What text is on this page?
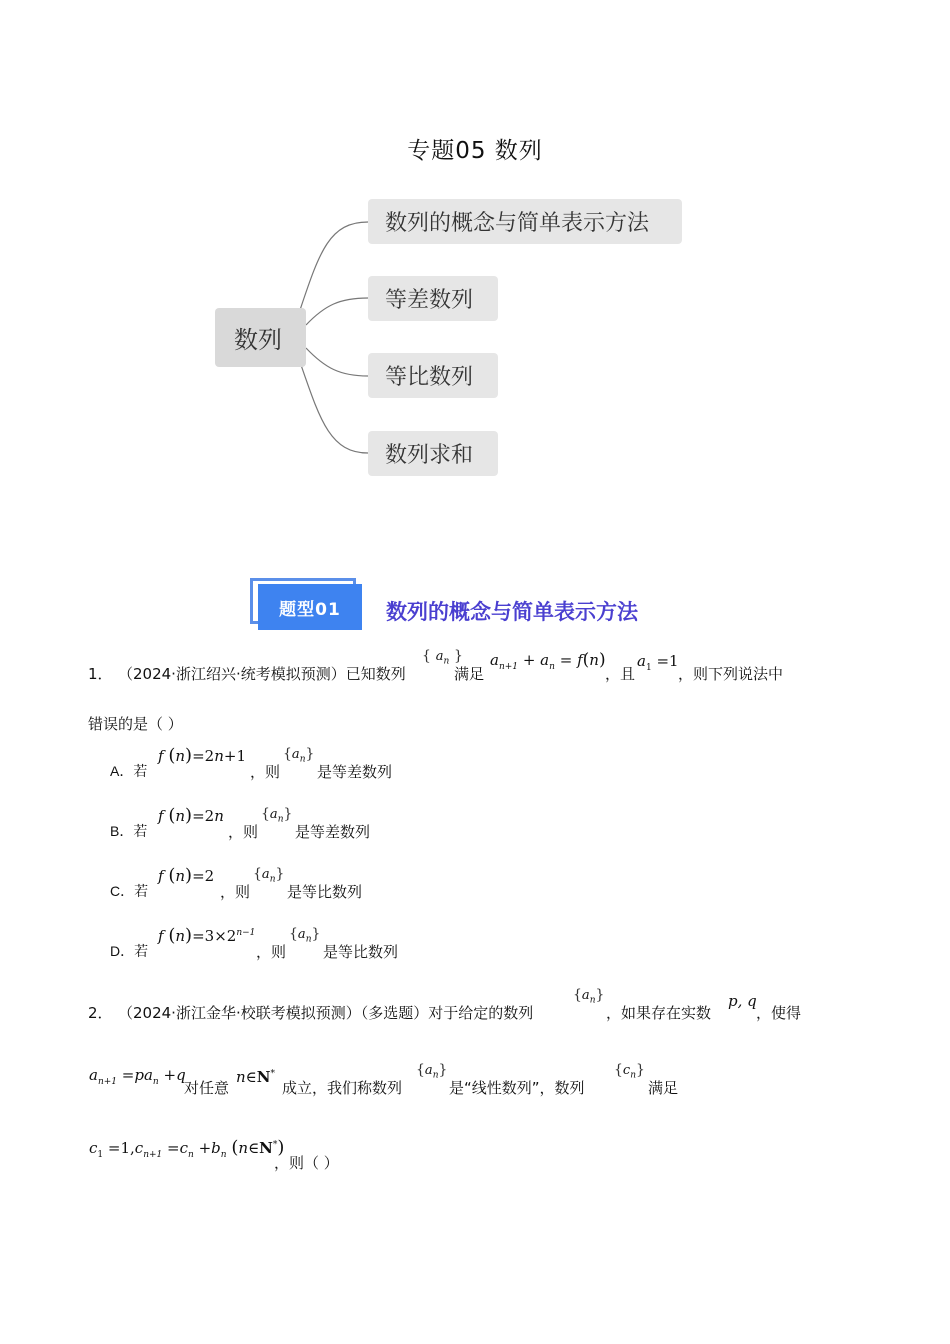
专题05 数列
数列
数列的概念与简单表示方法
等差数列
等比数列
数列求和
题型01	数列的概念与简单表示方法
1． （2024·浙江绍兴·统考模拟预测）已知数列
{ $a_n$ }
满足
$a_{n+1} + a_n = f(n)$
，且
$a_1 =1$
，则下列说法中
错误的是（ ）
A．若
f (n)=2n+1
，则
$\{a_n\}$
是等差数列
B．若
f (n)=2n
，则
$\{a_n\}$
是等差数列
C．若
f (n)=2
，则
$\{a_n\}$
是等比数列
D．若
f $(n)=3\times 2^{n-1}$
，则
$\{a_n\}$
是等比数列
2． （2024·浙江金华·校联考模拟预测）（多选题）对于给定的数列
$\{a_n\}$
，如果存在实数
p, q
，使得
$a_{n+1} =pa_n +q$
对任意
n∈N*
成立，我们称数列
$\{a_n\}$
是“线性数列”，数列
$\{c_n\}$
满足
$c_1 =1,c_{n+1} =c_n +b_n$ (n∈N*)
，则（ ）
